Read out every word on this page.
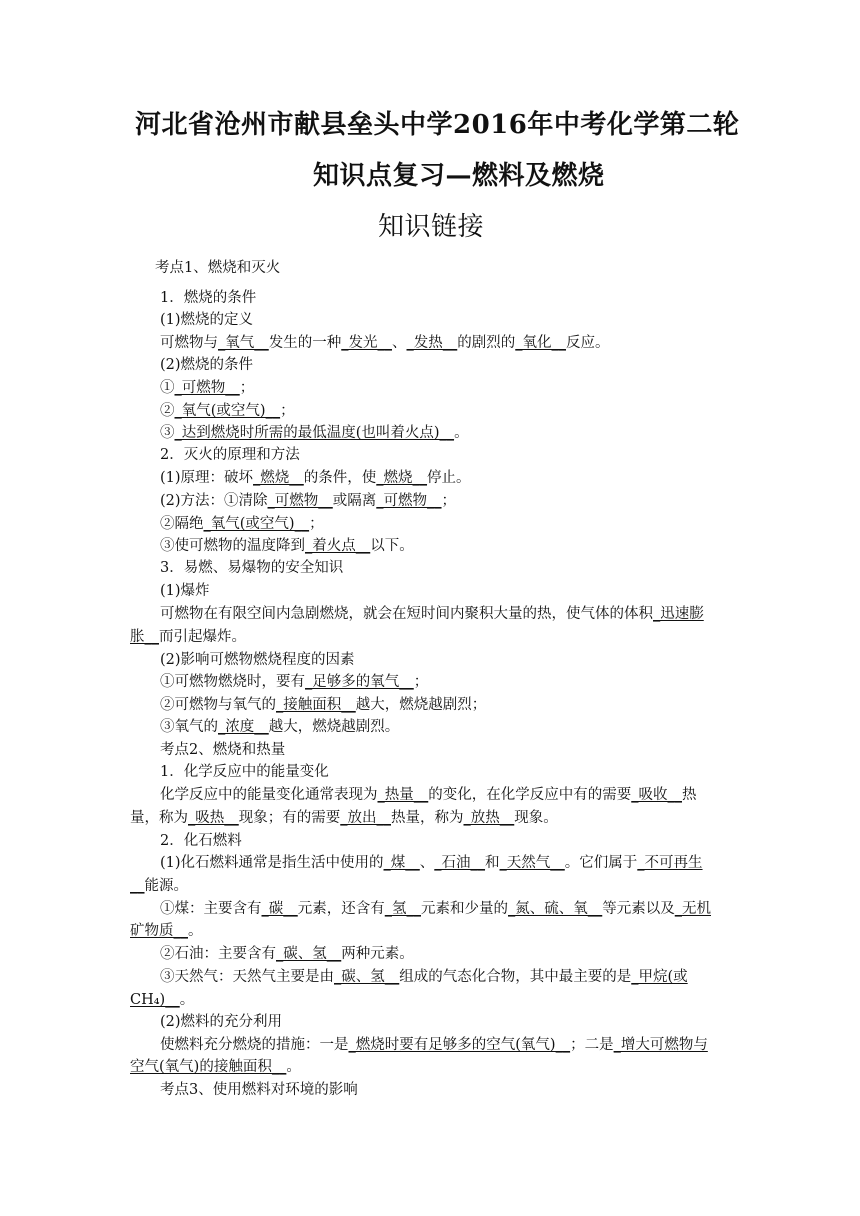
河北省沧州市献县垒头中学2016年中考化学第二轮
知识点复习—燃料及燃烧
知识链接
考点1、燃烧和灭火
1．燃烧的条件
(1)燃烧的定义
可燃物与_氧气__发生的一种_发光__、_发热__的剧烈的_氧化__反应。
(2)燃烧的条件
①_可燃物__；
②_氧气(或空气)__；
③_达到燃烧时所需的最低温度(也叫着火点)__。
2．灭火的原理和方法
(1)原理：破坏_燃烧__的条件，使_燃烧__停止。
(2)方法：①清除_可燃物__或隔离_可燃物__；
②隔绝_氧气(或空气)__；
③使可燃物的温度降到_着火点__以下。
3．易燃、易爆物的安全知识
(1)爆炸
可燃物在有限空间内急剧燃烧，就会在短时间内聚积大量的热，使气体的体积_迅速膨
胀__而引起爆炸。
(2)影响可燃物燃烧程度的因素
①可燃物燃烧时，要有_足够多的氧气__；
②可燃物与氧气的_接触面积__越大，燃烧越剧烈；
③氧气的_浓度__越大，燃烧越剧烈。
考点2、燃烧和热量
1．化学反应中的能量变化
化学反应中的能量变化通常表现为_热量__的变化，在化学反应中有的需要_吸收__热
量，称为_吸热__现象；有的需要_放出__热量，称为_放热__现象。
2．化石燃料
(1)化石燃料通常是指生活中使用的_煤__、_石油__和_天然气__。它们属于_不可再生
__能源。
①煤：主要含有_碳__元素，还含有_氢__元素和少量的_氮、硫、氧__等元素以及_无机
矿物质__。
②石油：主要含有_碳、氢__两种元素。
③天然气：天然气主要是由_碳、氢__组成的气态化合物，其中最主要的是_甲烷(或
CH₄)__。
(2)燃料的充分利用
使燃料充分燃烧的措施：一是_燃烧时要有足够多的空气(氧气)__；二是_增大可燃物与
空气(氧气)的接触面积__。
考点3、使用燃料对环境的影响
